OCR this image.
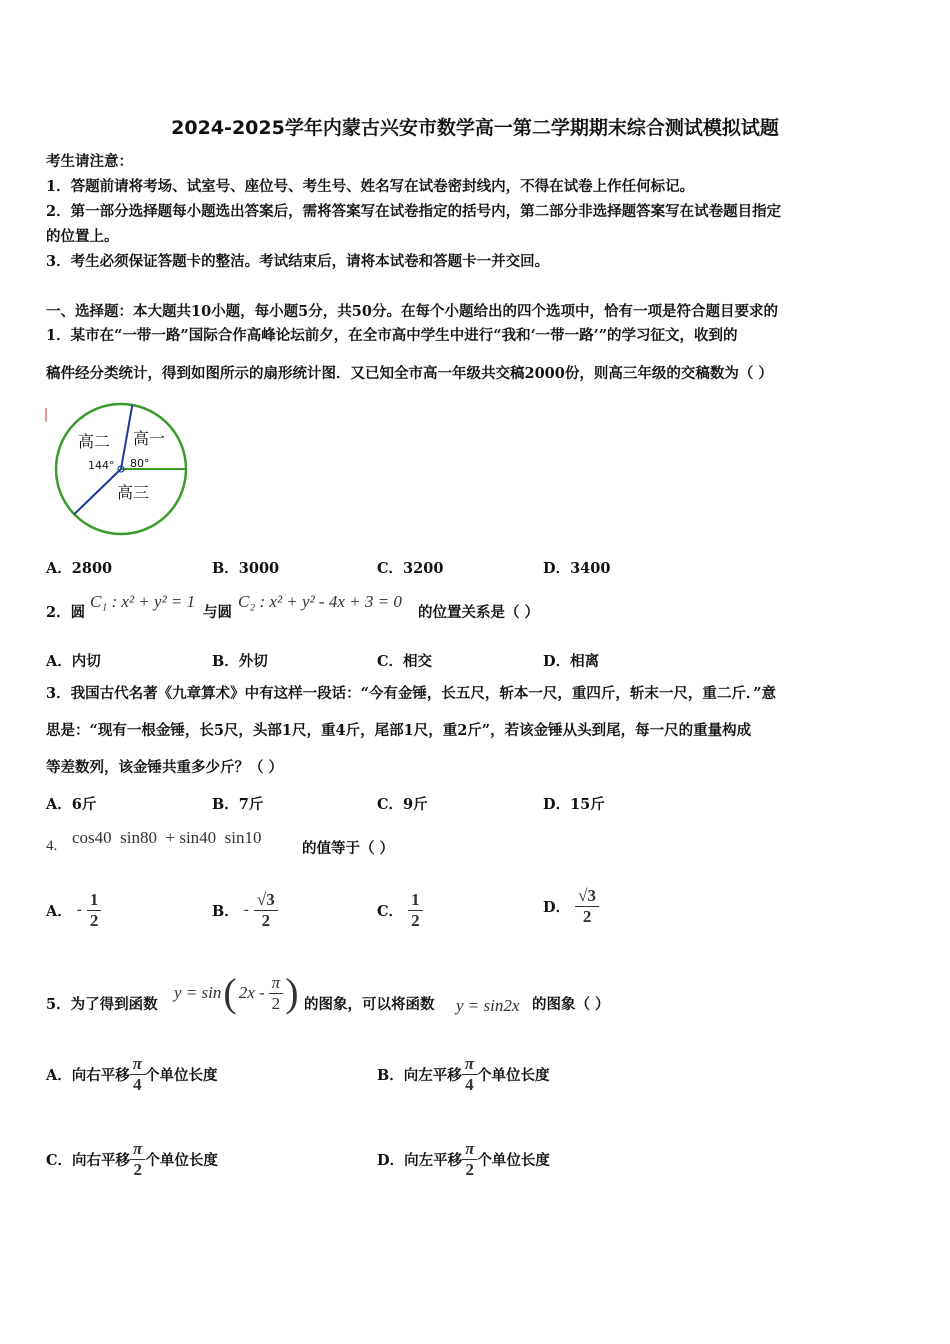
2024-2025学年内蒙古兴安市数学高一第二学期期末综合测试模拟试题
考生请注意：
1．答题前请将考场、试室号、座位号、考生号、姓名写在试卷密封线内，不得在试卷上作任何标记。
2．第一部分选择题每小题选出答案后，需将答案写在试卷指定的括号内，第二部分非选择题答案写在试卷题目指定
的位置上。
3．考生必须保证答题卡的整洁。考试结束后，请将本试卷和答题卡一并交回。
一、选择题：本大题共10小题，每小题5分，共50分。在每个小题给出的四个选项中，恰有一项是符合题目要求的
1．某市在“一带一路”国际合作高峰论坛前夕，在全市高中学生中进行“我和‘一带一路’”的学习征文，收到的
稿件经分类统计，得到如图所示的扇形统计图．又已知全市高一年级共交稿2000份，则高三年级的交稿数为（ ）
高二 高一
高三
144° 80°
A．2800	B．3000	C．3200	D．3400
2．圆
C₁ : x² + y² = 1
与圆
C₂ : x² + y² - 4x + 3 = 0
的位置关系是（ ）
A．内切	B．外切	C．相交	D．相离
3．我国古代名著《九章算术》中有这样一段话：“今有金锤，长五尺，斩本一尺，重四斤，斩末一尺，重二斤．”意
思是：“现有一根金锤，长5尺，头部1尺，重4斤，尾部1尺，重2斤”，若该金锤从头到尾，每一尺的重量构成
等差数列，该金锤共重多少斤？（ ）
A．6斤	B．7斤	C．9斤	D．15斤
4. cos40  sin80  + sin40  sin10
的值等于（ ）
A． - $\frac{1}{2}$	B． - $\frac{√3}{2}$	C． $\frac{1}{2}$	D． $\frac{√3}{2}$
5．为了得到函数
y = sin ( $2x - \frac{\pi}{2}$ ) 的图象，可以将函数 y = sin2x 的图象（ ）
A． 向右平移 $\frac{\pi}{4}$ 个单位长度	B． 向左平移 $\frac{\pi}{4}$ 个单位长度
C． 向右平移 $\frac{\pi}{2}$ 个单位长度	D． 向左平移 $\frac{\pi}{2}$ 个单位长度
